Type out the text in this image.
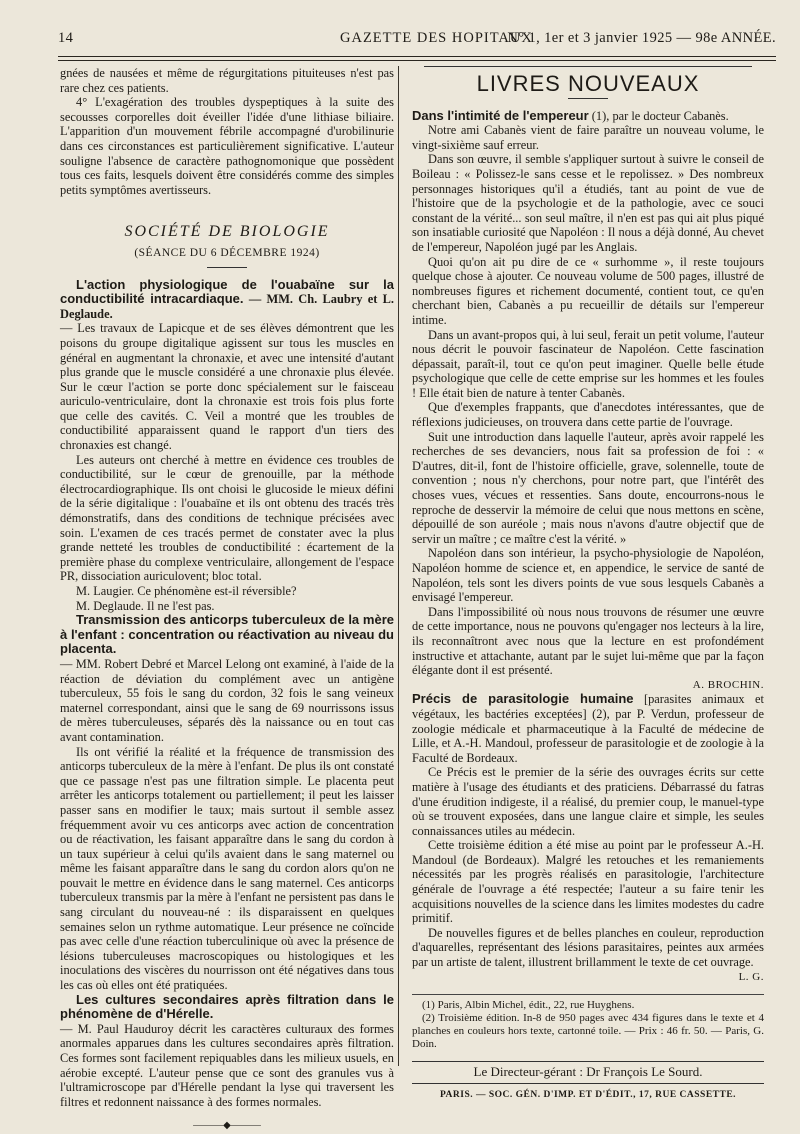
14	GAZETTE DES HOPITAUX
N° 1, 1er et 3 janvier 1925 — 98e ANNÉE.

gnées de nausées et même de régurgitations pituiteuses n'est pas rare chez ces patients.

4° L'exagération des troubles dyspeptiques à la suite des secousses corporelles doit éveiller l'idée d'une lithiase biliaire. L'apparition d'un mouvement fébrile accompagné d'urobilinurie dans ces circonstances est particulièrement significative. L'auteur souligne l'absence de caractère pathognomonique que possèdent tous ces faits, lesquels doivent être considérés comme des simples petits symptômes avertisseurs.

SOCIÉTÉ DE BIOLOGIE
(SÉANCE DU 6 DÉCEMBRE 1924)

L'action physiologique de l'ouabaïne sur la conductibilité intracardiaque. — MM. Ch. Laubry et L. Deglaude.

— Les travaux de Lapicque et de ses élèves démontrent que les poisons du groupe digitalique agissent sur tous les muscles en général en augmentant la chronaxie, et avec une intensité d'autant plus grande que le muscle considéré a une chronaxie plus élevée. Sur le cœur l'action se porte donc spécialement sur le faisceau auriculo-ventriculaire, dont la chronaxie est trois fois plus forte que celle des cavités. C. Veil a montré que les troubles de conductibilité apparaissent quand le rapport d'un tiers des chronaxies est changé.

Les auteurs ont cherché à mettre en évidence ces troubles de conductibilité, sur le cœur de grenouille, par la méthode électrocardiographique. Ils ont choisi le glucoside le mieux défini de la série digitalique : l'ouabaïne et ils ont obtenu des tracés très démonstratifs, dans des conditions de technique précisées avec soin. L'examen de ces tracés permet de constater avec la plus grande netteté les troubles de conductibilité : écartement de la première phase du complexe ventriculaire, allongement de l'espace PR, dissociation auriculovent; bloc total.

M. Laugier. Ce phénomène est-il réversible?

M. Deglaude. Il ne l'est pas.

Transmission des anticorps tuberculeux de la mère à l'enfant : concentration ou réactivation au niveau du placenta.

— MM. Robert Debré et Marcel Lelong ont examiné, à l'aide de la réaction de déviation du complément avec un antigène tuberculeux, 55 fois le sang du cordon, 32 fois le sang veineux maternel correspondant, ainsi que le sang de 69 nourrissons issus de mères tuberculeuses, séparés dès la naissance ou en tout cas avant contamination.

Ils ont vérifié la réalité et la fréquence de transmission des anticorps tuberculeux de la mère à l'enfant. De plus ils ont constaté que ce passage n'est pas une filtration simple. Le placenta peut arrêter les anticorps totalement ou partiellement; il peut les laisser passer sans en modifier le taux; mais surtout il semble assez fréquemment avoir vu ces anticorps avec action de concentration ou de réactivation, les faisant apparaître dans le sang du cordon à un taux supérieur à celui qu'ils avaient dans le sang maternel ou même les faisant apparaître dans le sang du cordon alors qu'on ne pouvait le mettre en évidence dans le sang maternel. Ces anticorps tuberculeux transmis par la mère à l'enfant ne persistent pas dans le sang circulant du nouveau-né : ils disparaissent en quelques semaines selon un rythme automatique. Leur présence ne coïncide pas avec celle d'une réaction tuberculinique où avec la présence de lésions tuberculeuses macroscopiques ou histologiques et les inoculations des viscères du nourrisson ont été négatives dans tous les cas où elles ont été pratiquées.

Les cultures secondaires après filtration dans le phénomène de d'Hérelle.

— M. Paul Hauduroy décrit les caractères culturaux des formes anormales apparues dans les cultures secondaires après filtration. Ces formes sont facilement repiquables dans les milieux usuels, en aérobie excepté. L'auteur pense que ce sont des granules vus à l'ultramicroscope par d'Hérelle pendant la lyse qui traversent les filtres et redonnent naissance à des formes normales.

———◆———
LIVRES NOUVEAUX

Dans l'intimité de l'empereur (1), par le docteur Cabanès.

Notre ami Cabanès vient de faire paraître un nouveau volume, le vingt-sixième sauf erreur.

Dans son œuvre, il semble s'appliquer surtout à suivre le conseil de Boileau : « Polissez-le sans cesse et le repolissez. » Des nombreux personnages historiques qu'il a étudiés, tant au point de vue de l'histoire que de la psychologie et de la pathologie, avec ce souci constant de la vérité... son seul maître, il n'en est pas qui ait plus piqué son insatiable curiosité que Napoléon : Il nous a déjà donné, Au chevet de l'empereur, Napoléon jugé par les Anglais.

Quoi qu'on ait pu dire de ce « surhomme », il reste toujours quelque chose à ajouter. Ce nouveau volume de 500 pages, illustré de nombreuses figures et richement documenté, contient tout, ce qu'en cherchant bien, Cabanès a pu recueillir de détails sur l'empereur intime.

Dans un avant-propos qui, à lui seul, ferait un petit volume, l'auteur nous décrit le pouvoir fascinateur de Napoléon. Cette fascination dépassait, paraît-il, tout ce qu'on peut imaginer. Quelle belle étude psychologique que celle de cette emprise sur les hommes et les foules ! Elle était bien de nature à tenter Cabanès.

Que d'exemples frappants, que d'anecdotes intéressantes, que de réflexions judicieuses, on trouvera dans cette partie de l'ouvrage.

Suit une introduction dans laquelle l'auteur, après avoir rappelé les recherches de ses devanciers, nous fait sa profession de foi : « D'autres, dit-il, font de l'histoire officielle, grave, solennelle, toute de convention ; nous n'y cherchons, pour notre part, que l'intérêt des choses vues, vécues et ressenties. Sans doute, encourrons-nous le reproche de desservir la mémoire de celui que nous mettons en scène, dépouillé de son auréole ; mais nous n'avons d'autre objectif que de servir un maître ; ce maître c'est la vérité. »

Napoléon dans son intérieur, la psycho-physiologie de Napoléon, Napoléon homme de science et, en appendice, le service de santé de Napoléon, tels sont les divers points de vue sous lesquels Cabanès a envisagé l'empereur.

Dans l'impossibilité où nous nous trouvons de résumer une œuvre de cette importance, nous ne pouvons qu'engager nos lecteurs à la lire, ils reconnaîtront avec nous que la lecture en est profondément instructive et attachante, autant par le sujet lui-même que par la façon élégante dont il est présenté.

A. BROCHIN.

Précis de parasitologie humaine [parasites animaux et végétaux, les bactéries exceptées] (2), par P. Verdun, professeur de zoologie médicale et pharmaceutique à la Faculté de médecine de Lille, et A.-H. Mandoul, professeur de parasitologie et de zoologie à la Faculté de Bordeaux.

Ce Précis est le premier de la série des ouvrages écrits sur cette matière à l'usage des étudiants et des praticiens. Débarrassé du fatras d'une érudition indigeste, il a réalisé, du premier coup, le manuel-type où se trouvent exposées, dans une langue claire et simple, les seules connaissances utiles au médecin.

Cette troisième édition a été mise au point par le professeur A.-H. Mandoul (de Bordeaux). Malgré les retouches et les remaniements nécessités par les progrès réalisés en parasitologie, l'architecture générale de l'ouvrage a été respectée; l'auteur a su faire tenir les acquisitions nouvelles de la science dans les limites modestes du cadre primitif.

De nouvelles figures et de belles planches en couleur, reproduction d'aquarelles, représentant des lésions parasitaires, peintes aux armées par un artiste de talent, illustrent brillamment le texte de cet ouvrage.

L. G.

(1) Paris, Albin Michel, édit., 22, rue Huyghens.

(2) Troisième édition. In-8 de 950 pages avec 434 figures dans le texte et 4 planches en couleurs hors texte, cartonné toile. — Prix : 46 fr. 50. — Paris, G. Doin.

Le Directeur-gérant : Dr François Le Sourd.
PARIS. — SOC. GÉN. D'IMP. ET D'ÉDIT., 17, RUE CASSETTE.
